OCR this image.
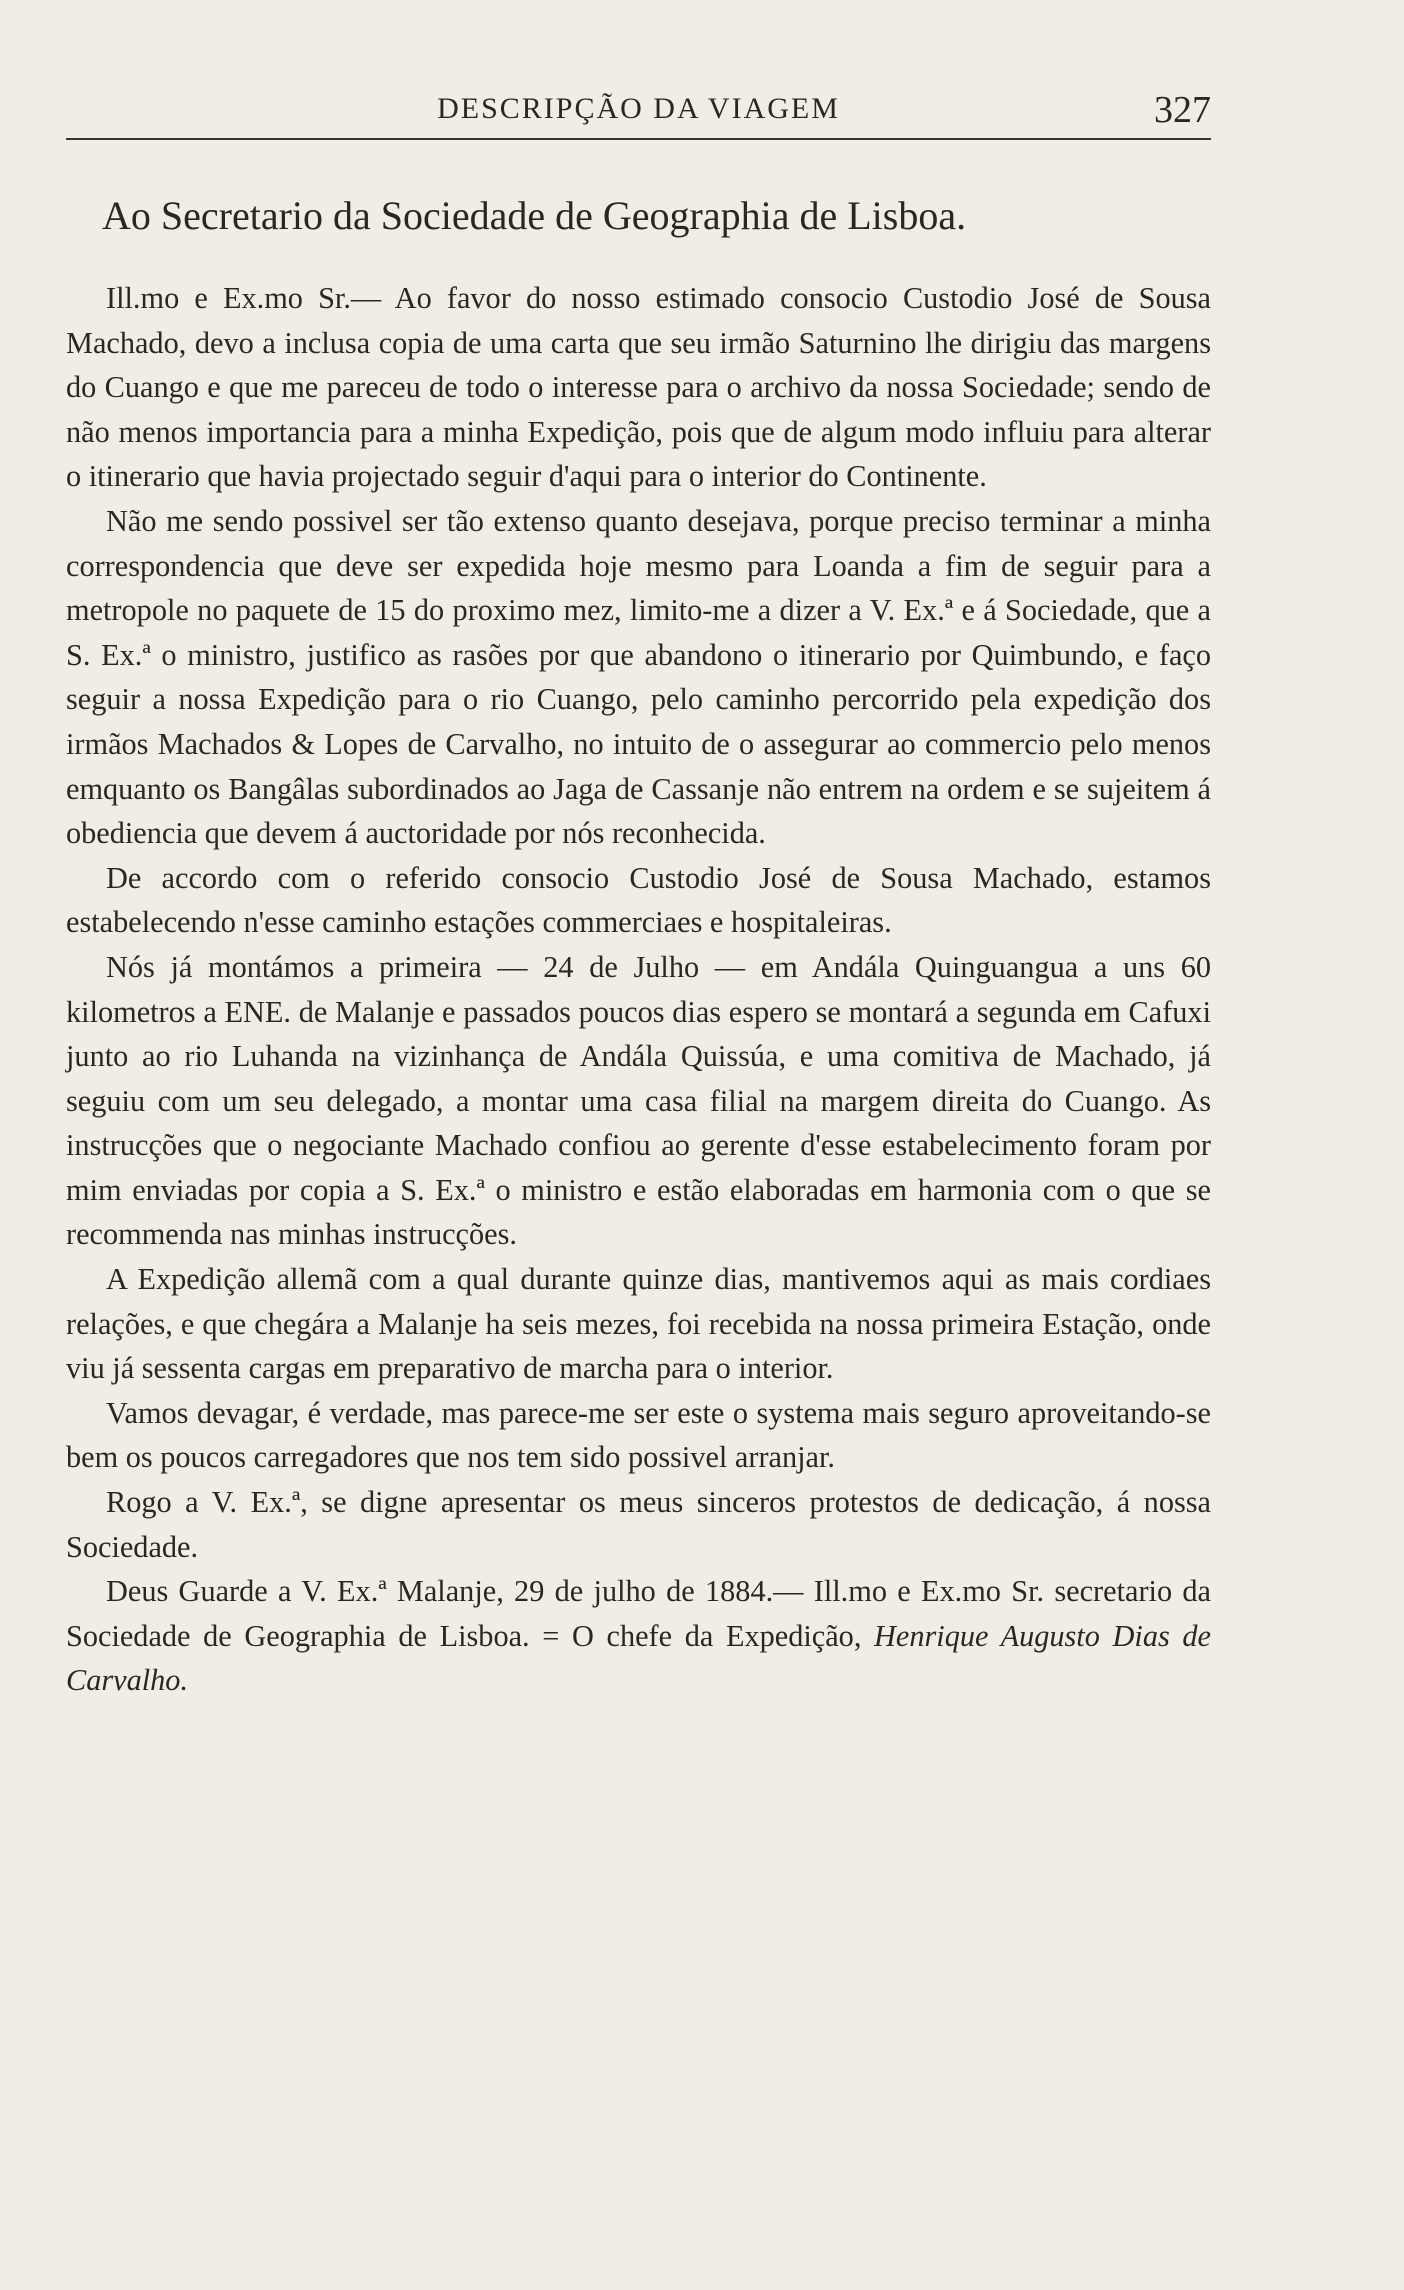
DESCRIPÇÃO DA VIAGEM	327
Ao Secretario da Sociedade de Geographia de Lisboa.

Ill.mo e Ex.mo Sr.— Ao favor do nosso estimado consocio Custodio José de Sousa Machado, devo a inclusa copia de uma carta que seu irmão Saturnino lhe dirigiu das margens do Cuango e que me pareceu de todo o interesse para o archivo da nossa Sociedade; sendo de não menos importancia para a minha Expedição, pois que de algum modo influiu para alterar o itinerario que havia projectado seguir d'aqui para o interior do Continente.

Não me sendo possivel ser tão extenso quanto desejava, porque preciso terminar a minha correspondencia que deve ser expedida hoje mesmo para Loanda a fim de seguir para a metropole no paquete de 15 do proximo mez, limito-me a dizer a V. Ex.ª e á Sociedade, que a S. Ex.ª o ministro, justifico as rasões por que abandono o itinerario por Quimbundo, e faço seguir a nossa Expedição para o rio Cuango, pelo caminho percorrido pela expedição dos irmãos Machados & Lopes de Carvalho, no intuito de o assegurar ao commercio pelo menos emquanto os Bangâlas subordinados ao Jaga de Cassanje não entrem na ordem e se sujeitem á obediencia que devem á auctoridade por nós reconhecida.

De accordo com o referido consocio Custodio José de Sousa Machado, estamos estabelecendo n'esse caminho estações commerciaes e hospitaleiras.

Nós já montámos a primeira — 24 de Julho — em Andála Quinguangua a uns 60 kilometros a ENE. de Malanje e passados poucos dias espero se montará a segunda em Cafuxi junto ao rio Luhanda na vizinhança de Andála Quissúa, e uma comitiva de Machado, já seguiu com um seu delegado, a montar uma casa filial na margem direita do Cuango. As instrucções que o negociante Machado confiou ao gerente d'esse estabelecimento foram por mim enviadas por copia a S. Ex.ª o ministro e estão elaboradas em harmonia com o que se recommenda nas minhas instrucções.

A Expedição allemã com a qual durante quinze dias, mantivemos aqui as mais cordiaes relações, e que chegára a Malanje ha seis mezes, foi recebida na nossa primeira Estação, onde viu já sessenta cargas em preparativo de marcha para o interior.

Vamos devagar, é verdade, mas parece-me ser este o systema mais seguro aproveitando-se bem os poucos carregadores que nos tem sido possivel arranjar.

Rogo a V. Ex.ª, se digne apresentar os meus sinceros protestos de dedicação, á nossa Sociedade.

Deus Guarde a V. Ex.ª Malanje, 29 de julho de 1884.— Ill.mo e Ex.mo Sr. secretario da Sociedade de Geographia de Lisboa. = O chefe da Expedição, Henrique Augusto Dias de Carvalho.
